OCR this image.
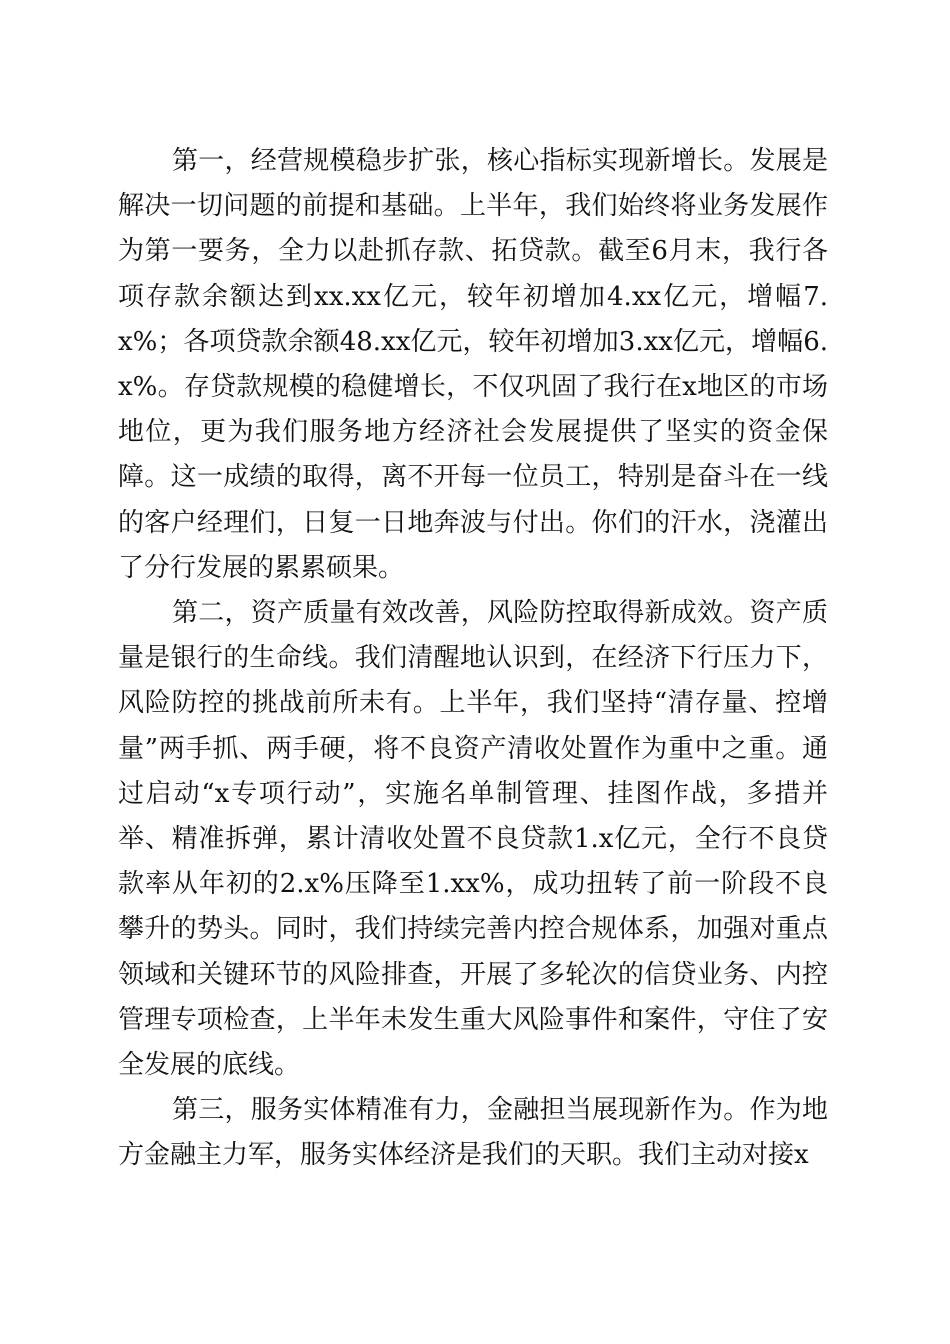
第一，经营规模稳步扩张，核心指标实现新增长。发展是解决一切问题的前提和基础。上半年，我们始终将业务发展作为第一要务，全力以赴抓存款、拓贷款。截至6月末，我行各项存款余额达到xx.xx亿元，较年初增加4.xx亿元，增幅7.x%；各项贷款余额48.xx亿元，较年初增加3.xx亿元，增幅6.x%。存贷款规模的稳健增长，不仅巩固了我行在x地区的市场地位，更为我们服务地方经济社会发展提供了坚实的资金保障。这一成绩的取得，离不开每一位员工，特别是奋斗在一线的客户经理们，日复一日地奔波与付出。你们的汗水，浇灌出了分行发展的累累硕果。

第二，资产质量有效改善，风险防控取得新成效。资产质量是银行的生命线。我们清醒地认识到，在经济下行压力下，风险防控的挑战前所未有。上半年，我们坚持“清存量、控增量”两手抓、两手硬，将不良资产清收处置作为重中之重。通过启动“x专项行动”，实施名单制管理、挂图作战，多措并举、精准拆弹，累计清收处置不良贷款1.x亿元，全行不良贷款率从年初的2.x%压降至1.xx%，成功扭转了前一阶段不良攀升的势头。同时，我们持续完善内控合规体系，加强对重点领域和关键环节的风险排查，开展了多轮次的信贷业务、内控管理专项检查，上半年未发生重大风险事件和案件，守住了安全发展的底线。

第三，服务实体精准有力，金融担当展现新作为。作为地方金融主力军，服务实体经济是我们的天职。我们主动对接x
